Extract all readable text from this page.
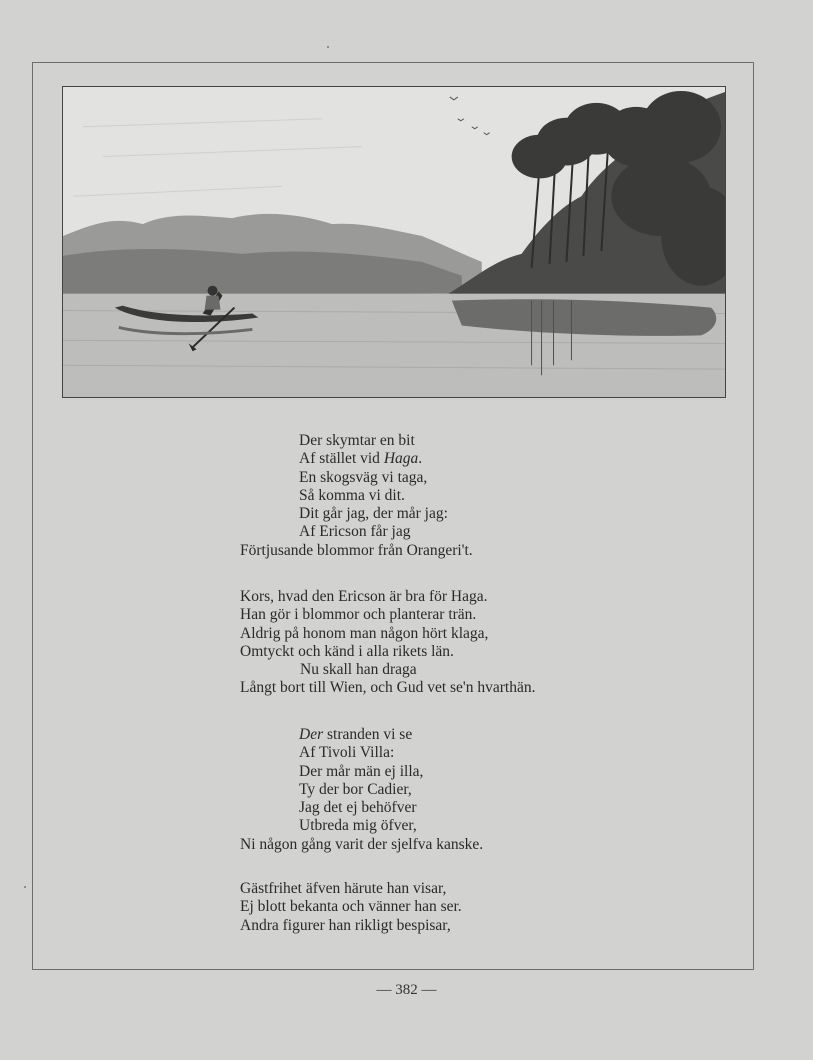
Der skymtar en bit
Af stället vid Haga.
En skogsväg vi taga,
Så komma vi dit.
Dit går jag, der mår jag:
Af Ericson får jag
Förtjusande blommor från Orangeri't.
Kors, hvad den Ericson är bra för Haga.
Han gör i blommor och planterar trän.
Aldrig på honom man någon hört klaga,
Omtyckt och känd i alla rikets län.
Nu skall han draga
Långt bort till Wien, och Gud vet se'n hvarthän.
Der stranden vi se
Af Tivoli Villa:
Der mår män ej illa,
Ty der bor Cadier,
Jag det ej behöfver
Utbreda mig öfver,
Ni någon gång varit der sjelfva kanske.
Gästfrihet äfven härute han visar,
Ej blott bekanta och vänner han ser.
Andra figurer han rikligt bespisar,
— 382 —
